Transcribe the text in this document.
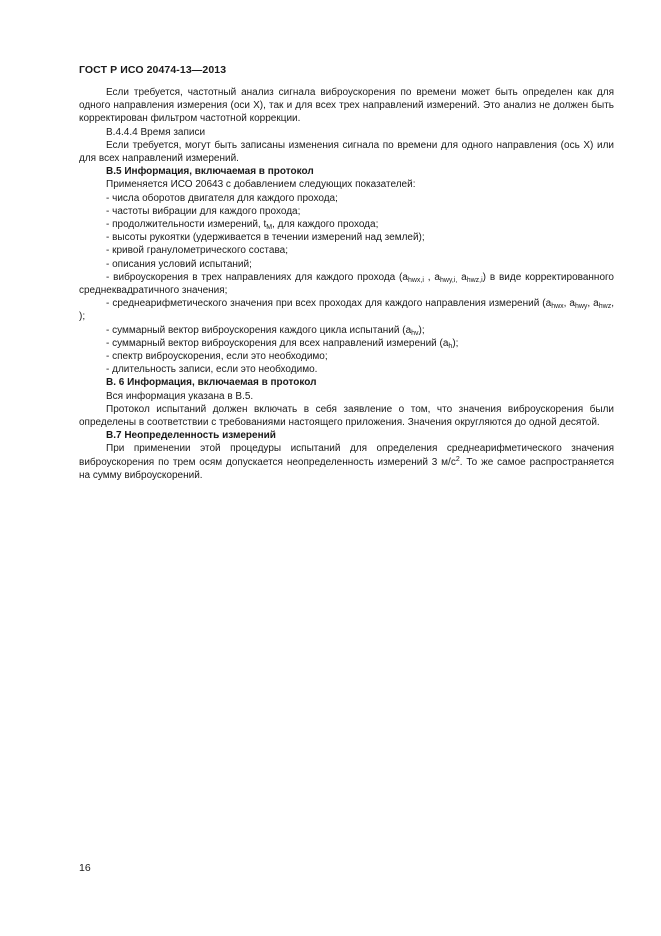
ГОСТ Р ИСО 20474-13—2013

Если требуется, частотный анализ сигнала виброускорения по времени может быть определен как для одного направления измерения (оси X), так и для всех трех направлений измерений. Это анализ не должен быть корректирован фильтром частотной коррекции.

В.4.4.4 Время записи

Если требуется, могут быть записаны изменения сигнала по времени для одного направления (ось X) или для всех направлений измерений.

В.5 Информация, включаемая в протокол

Применяется ИСО 20643 с добавлением следующих показателей:

- числа оборотов двигателя для каждого прохода;

- частоты вибрации для каждого прохода;

- продолжительности измерений, $t_M$, для каждого прохода;

- высоты рукоятки (удерживается в течении измерений над землей);

- кривой гранулометрического состава;

- описания условий испытаний;

- виброускорения в трех направлениях для каждого прохода ($a_{hwx,i}$ , $a_{hwy,i,}$ $a_{hwz,i}$) в виде корректированного среднеквадратичного значения;

- среднеарифметического значения при всех проходах для каждого направления измерений ($a_{hwx}$, $a_{hwy}$, $a_{hwz}$, );

- суммарный вектор виброускорения каждого цикла испытаний $(a_{hv})$;

- суммарный вектор виброускорения для всех направлений измерений $(a_h)$;

- спектр виброускорения, если это необходимо;

- длительность записи, если это необходимо.

В. 6 Информация, включаемая в протокол

Вся информация указана в В.5.

Протокол испытаний должен включать в себя заявление о том, что значения виброускорения были определены в соответствии с требованиями настоящего приложения. Значения округляются до одной десятой.

В.7 Неопределенность измерений

При применении этой процедуры испытаний для определения среднеарифметического значения виброускорения по трем осям допускается неопределенность измерений 3 $м/с^2$. То же самое распространяется на сумму виброускорений.

16
